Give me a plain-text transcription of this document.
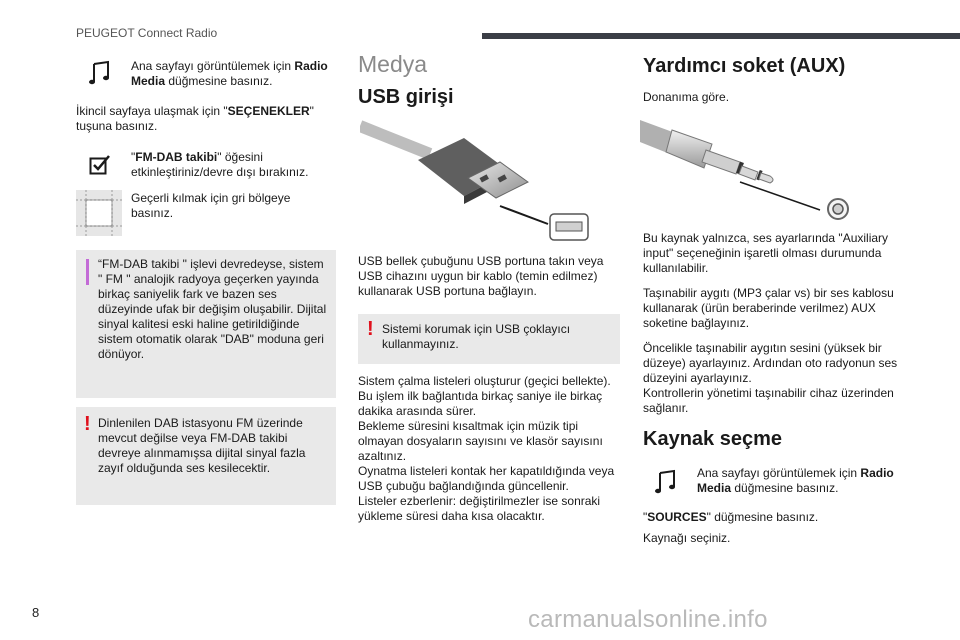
PEUGEOT Connect Radio
Ana sayfayı görüntülemek için Radio Media düğmesine basınız.
İkincil sayfaya ulaşmak için "SEÇENEKLER" tuşuna basınız.
"FM-DAB takibi" öğesini etkinleştiriniz/devre dışı bırakınız.
Geçerli kılmak için gri bölgeye basınız.
“FM-DAB takibi " işlevi devredeyse, sistem " FM " analojik radyoya geçerken yayında birkaç saniyelik fark ve bazen ses düzeyinde ufak bir değişim oluşabilir. Dijital sinyal kalitesi eski haline getirildiğinde sistem otomatik olarak "DAB" moduna geri dönüyor.
! Dinlenilen DAB istasyonu FM üzerinde mevcut değilse veya FM-DAB takibi devreye alınmamışsa dijital sinyal fazla zayıf olduğunda ses kesilecektir.
Medya
USB girişi
USB bellek çubuğunu USB portuna takın veya USB cihazını uygun bir kablo (temin edilmez) kullanarak USB portuna bağlayın.
! Sistemi korumak için USB çoklayıcı kullanmayınız.
Sistem çalma listeleri oluşturur (geçici bellekte).
Bu işlem ilk bağlantıda birkaç saniye ile birkaç dakika arasında sürer.
Bekleme süresini kısaltmak için müzik tipi olmayan dosyaların sayısını ve klasör sayısını azaltınız.
Oynatma listeleri kontak her kapatıldığında veya USB çubuğu bağlandığında güncellenir.
Listeler ezberlenir: değiştirilmezler ise sonraki yükleme süresi daha kısa olacaktır.
Yardımcı soket (AUX)
Donanıma göre.
Bu kaynak yalnızca, ses ayarlarında "Auxiliary input" seçeneğinin işaretli olması durumunda kullanılabilir.
Taşınabilir aygıtı (MP3 çalar vs) bir ses kablosu kullanarak (ürün beraberinde verilmez) AUX soketine bağlayınız.
Öncelikle taşınabilir aygıtın sesini (yüksek bir düzeye) ayarlayınız. Ardından oto radyonun ses düzeyini ayarlayınız.
Kontrollerin yönetimi taşınabilir cihaz üzerinden sağlanır.
Kaynak seçme
Ana sayfayı görüntülemek için Radio Media düğmesine basınız.
"SOURCES" düğmesine basınız.
Kaynağı seçiniz.
8	carmanualsonline.info
